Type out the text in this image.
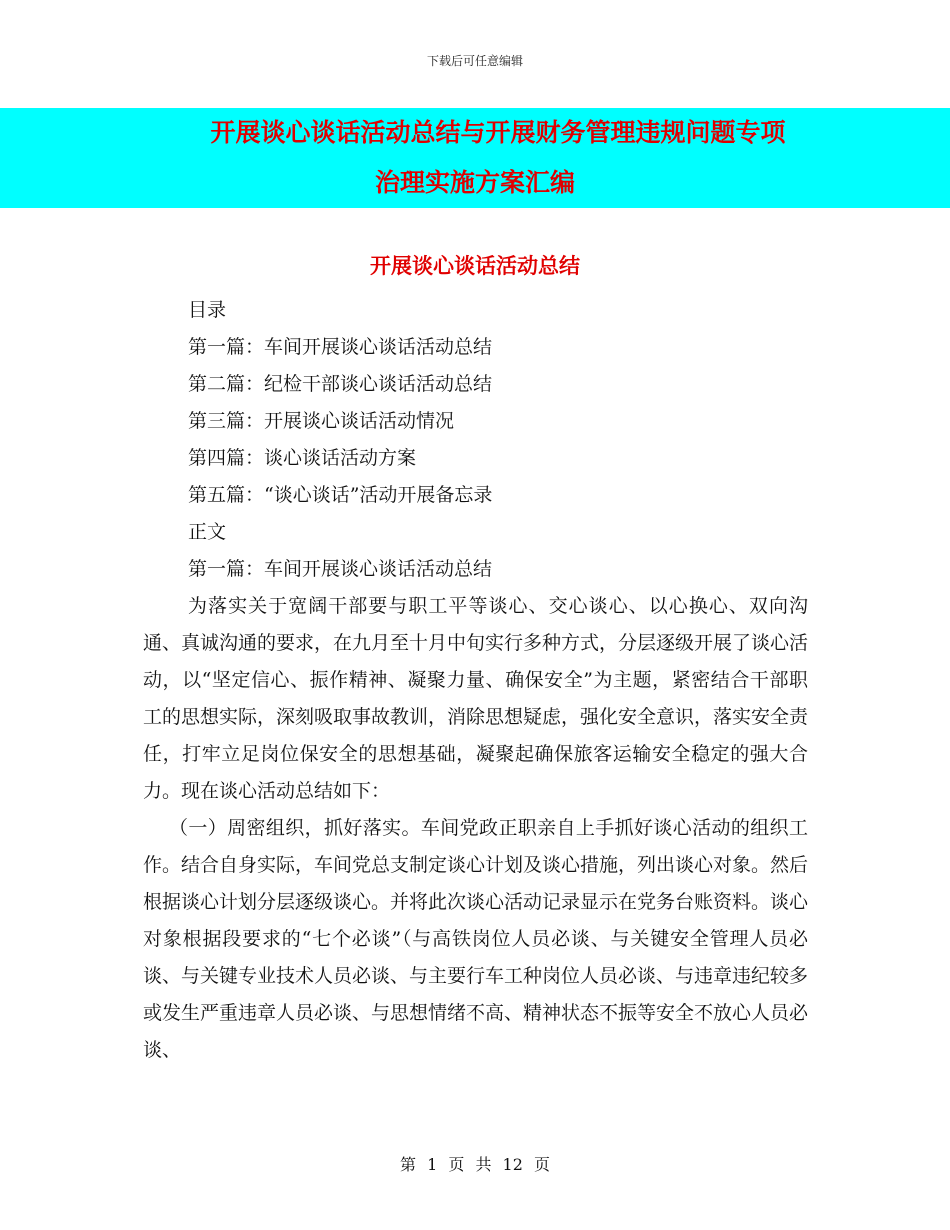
下载后可任意编辑
开展谈心谈话活动总结与开展财务管理违规问题专项
治理实施方案汇编
开展谈心谈话活动总结
目录
第一篇：车间开展谈心谈话活动总结
第二篇：纪检干部谈心谈话活动总结
第三篇：开展谈心谈话活动情况
第四篇：谈心谈话活动方案
第五篇：“谈心谈话”活动开展备忘录
正文
第一篇：车间开展谈心谈话活动总结
为落实关于宽阔干部要与职工平等谈心、交心谈心、以心换心、双向沟通、真诚沟通的要求，在九月至十月中旬实行多种方式，分层逐级开展了谈心活动，以“坚定信心、振作精神、凝聚力量、确保安全”为主题，紧密结合干部职工的思想实际，深刻吸取事故教训，消除思想疑虑，强化安全意识，落实安全责任，打牢立足岗位保安全的思想基础，凝聚起确保旅客运输安全稳定的强大合力。现在谈心活动总结如下：
（一）周密组织，抓好落实。车间党政正职亲自上手抓好谈心活动的组织工作。结合自身实际，车间党总支制定谈心计划及谈心措施，列出谈心对象。然后根据谈心计划分层逐级谈心。并将此次谈心活动记录显示在党务台账资料。谈心对象根据段要求的“七个必谈”（与高铁岗位人员必谈、与关键安全管理人员必谈、与关键专业技术人员必谈、与主要行车工种岗位人员必谈、与违章违纪较多或发生严重违章人员必谈、与思想情绪不高、精神状态不振等安全不放心人员必谈、
第 1 页 共 12 页
